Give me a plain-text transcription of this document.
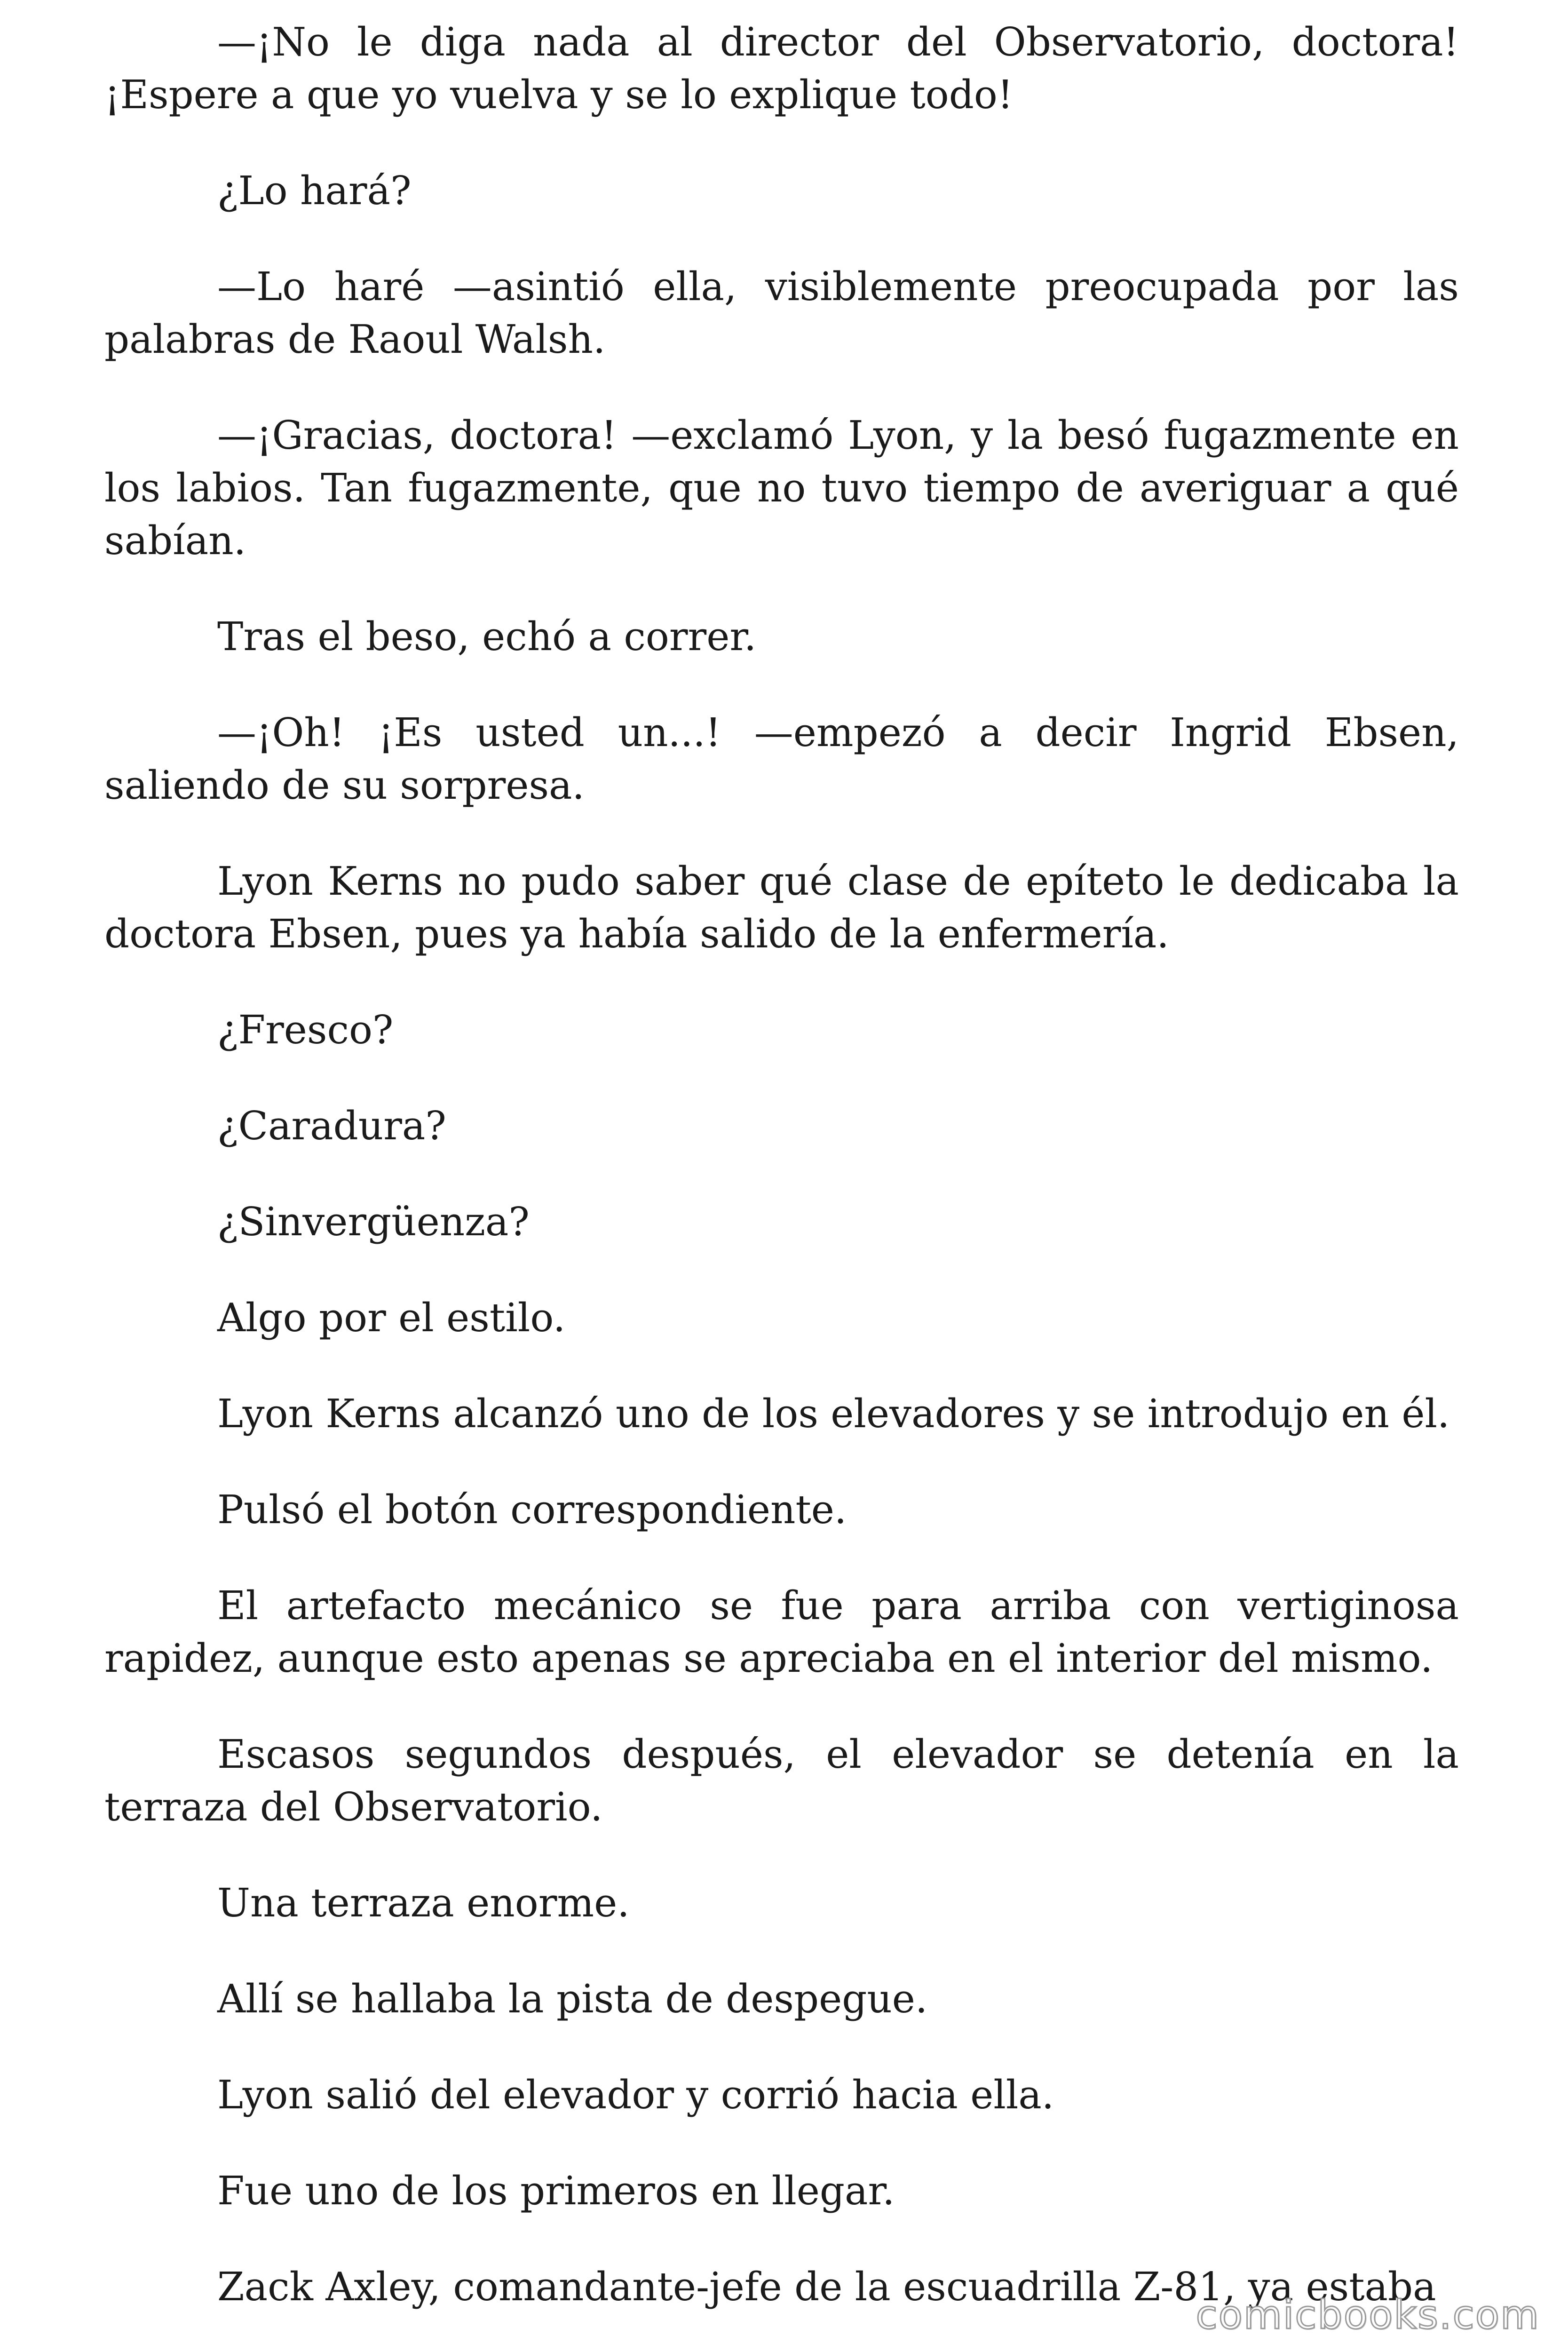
—¡No le diga nada al director del Observatorio, doctora! ¡Espere a que yo vuelva y se lo explique todo!

¿Lo hará?

—Lo haré —asintió ella, visiblemente preocupada por las palabras de Raoul Walsh.

—¡Gracias, doctora! —exclamó Lyon, y la besó fugazmente en los labios. Tan fugazmente, que no tuvo tiempo de averiguar a qué sabían.

Tras el beso, echó a correr.

—¡Oh! ¡Es usted un...! —empezó a decir Ingrid Ebsen, saliendo de su sorpresa.

Lyon Kerns no pudo saber qué clase de epíteto le dedicaba la doctora Ebsen, pues ya había salido de la enfermería.

¿Fresco?

¿Caradura?

¿Sinvergüenza?

Algo por el estilo.

Lyon Kerns alcanzó uno de los elevadores y se introdujo en él.

Pulsó el botón correspondiente.

El artefacto mecánico se fue para arriba con vertiginosa rapidez, aunque esto apenas se apreciaba en el interior del mismo.

Escasos segundos después, el elevador se detenía en la terraza del Observatorio.

Una terraza enorme.

Allí se hallaba la pista de despegue.

Lyon salió del elevador y corrió hacia ella.

Fue uno de los primeros en llegar.

Zack Axley, comandante-jefe de la escuadrilla Z-81, ya estaba

comicbooks.com
